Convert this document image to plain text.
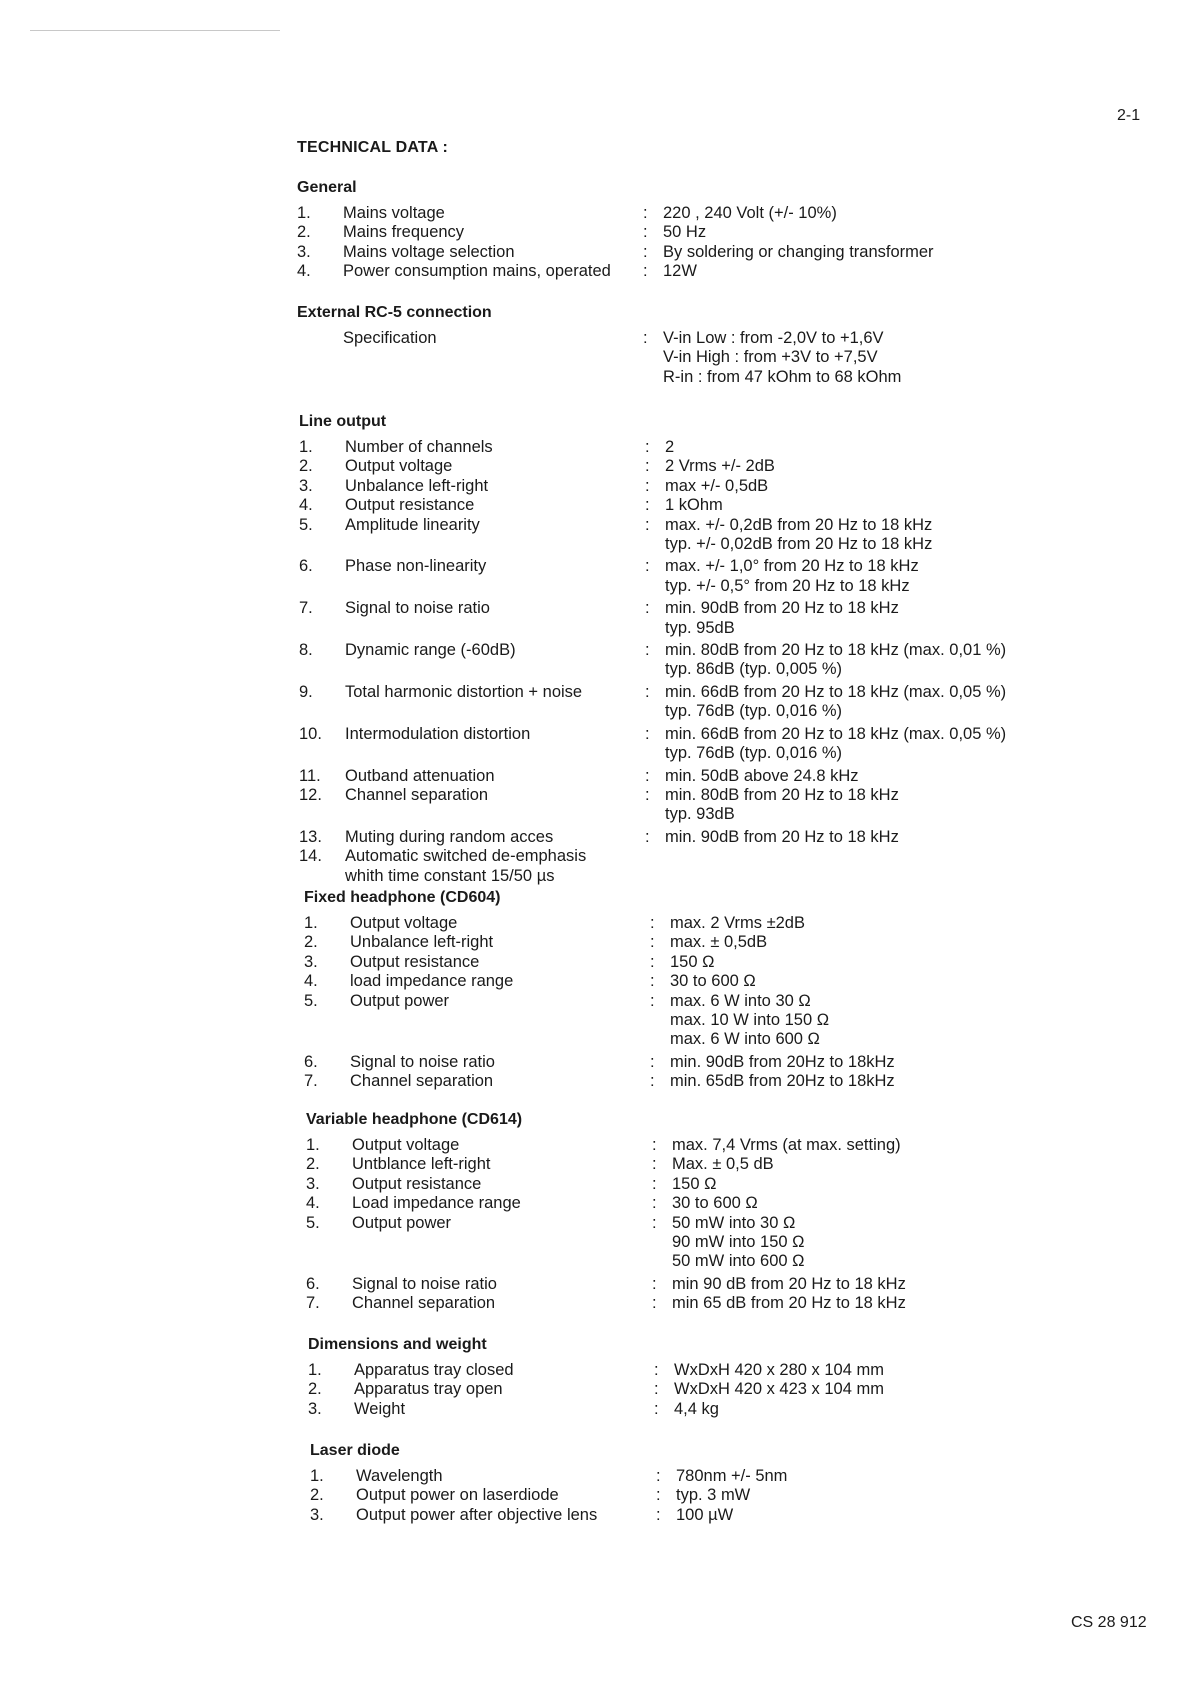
2-1
TECHNICAL DATA :
General
1.	Mains voltage	: 220 , 240 Volt (+/- 10%)
2.	Mains frequency	: 50 Hz
3.	Mains voltage selection	: By soldering or changing transformer
4.	Power consumption mains, operated	: 12W
External RC-5 connection
Specification	: V-in Low : from -2,0V to +1,6V
V-in High : from +3V to +7,5V
R-in : from 47 kOhm to 68 kOhm
Line output
1.	Number of channels	: 2
2.	Output voltage	: 2 Vrms +/- 2dB
3.	Unbalance left-right	: max +/- 0,5dB
4.	Output resistance	: 1 kOhm
5.	Amplitude linearity	: max. +/- 0,2dB from 20 Hz to 18 kHz
typ. +/- 0,02dB from 20 Hz to 18 kHz
6.	Phase non-linearity	: max. +/- 1,0° from 20 Hz to 18 kHz
typ. +/- 0,5° from 20 Hz to 18 kHz
7.	Signal to noise ratio	: min. 90dB from 20 Hz to 18 kHz
typ. 95dB
8.	Dynamic range (-60dB)	: min. 80dB from 20 Hz to 18 kHz (max. 0,01 %)
typ. 86dB (typ. 0,005 %)
9.	Total harmonic distortion + noise	: min. 66dB from 20 Hz to 18 kHz (max. 0,05 %)
typ. 76dB (typ. 0,016 %)
10.	Intermodulation distortion	: min. 66dB from 20 Hz to 18 kHz (max. 0,05 %)
typ. 76dB (typ. 0,016 %)
11.	Outband attenuation	: min. 50dB above 24.8 kHz
12.	Channel separation	: min. 80dB from 20 Hz to 18 kHz
typ. 93dB
13.	Muting during random acces	: min. 90dB from 20 Hz to 18 kHz
14.	Automatic switched de-emphasis
whith time constant 15/50 µs
Fixed headphone (CD604)
1.	Output voltage	: max. 2 Vrms ±2dB
2.	Unbalance left-right	: max. ± 0,5dB
3.	Output resistance	: 150 Ω
4.	load impedance range	: 30 to 600 Ω
5.	Output power	: max. 6 W into 30 Ω
max. 10 W into 150 Ω
max. 6 W into 600 Ω
6.	Signal to noise ratio	: min. 90dB from 20Hz to 18kHz
7.	Channel separation	: min. 65dB from 20Hz to 18kHz
Variable headphone (CD614)
1.	Output voltage	: max. 7,4 Vrms (at max. setting)
2.	Untblance left-right	: Max. ± 0,5 dB
3.	Output resistance	: 150 Ω
4.	Load impedance range	: 30 to 600 Ω
5.	Output power	: 50 mW into 30 Ω
90 mW into 150 Ω
50 mW into 600 Ω
6.	Signal to noise ratio	: min 90 dB from 20 Hz to 18 kHz
7.	Channel separation	: min 65 dB from 20 Hz to 18 kHz
Dimensions and weight
1.	Apparatus tray closed	: WxDxH 420 x 280 x 104 mm
2.	Apparatus tray open	: WxDxH 420 x 423 x 104 mm
3.	Weight	: 4,4 kg
Laser diode
1.	Wavelength	: 780nm +/- 5nm
2.	Output power on laserdiode	: typ. 3 mW
3.	Output power after objective lens	: 100 µW
CS 28 912
